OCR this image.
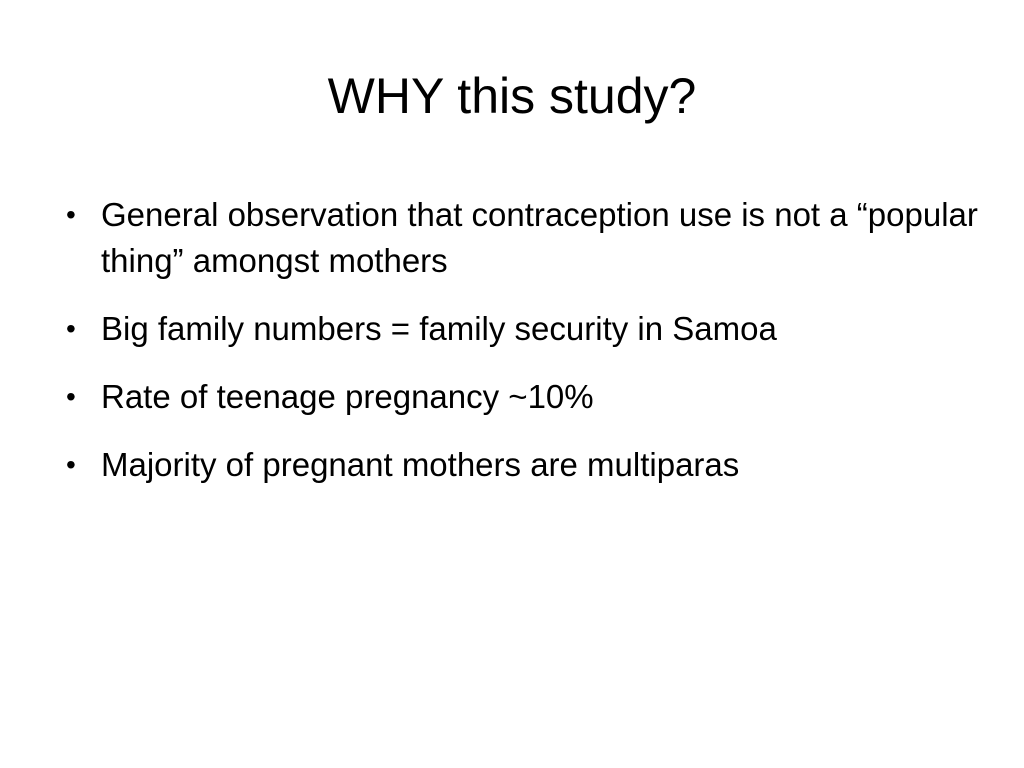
WHY this study?
• General observation that contraception use is not a “popular thing” amongst mothers
• Big family numbers = family security in Samoa
• Rate of teenage pregnancy ~10%
• Majority of pregnant mothers are multiparas
